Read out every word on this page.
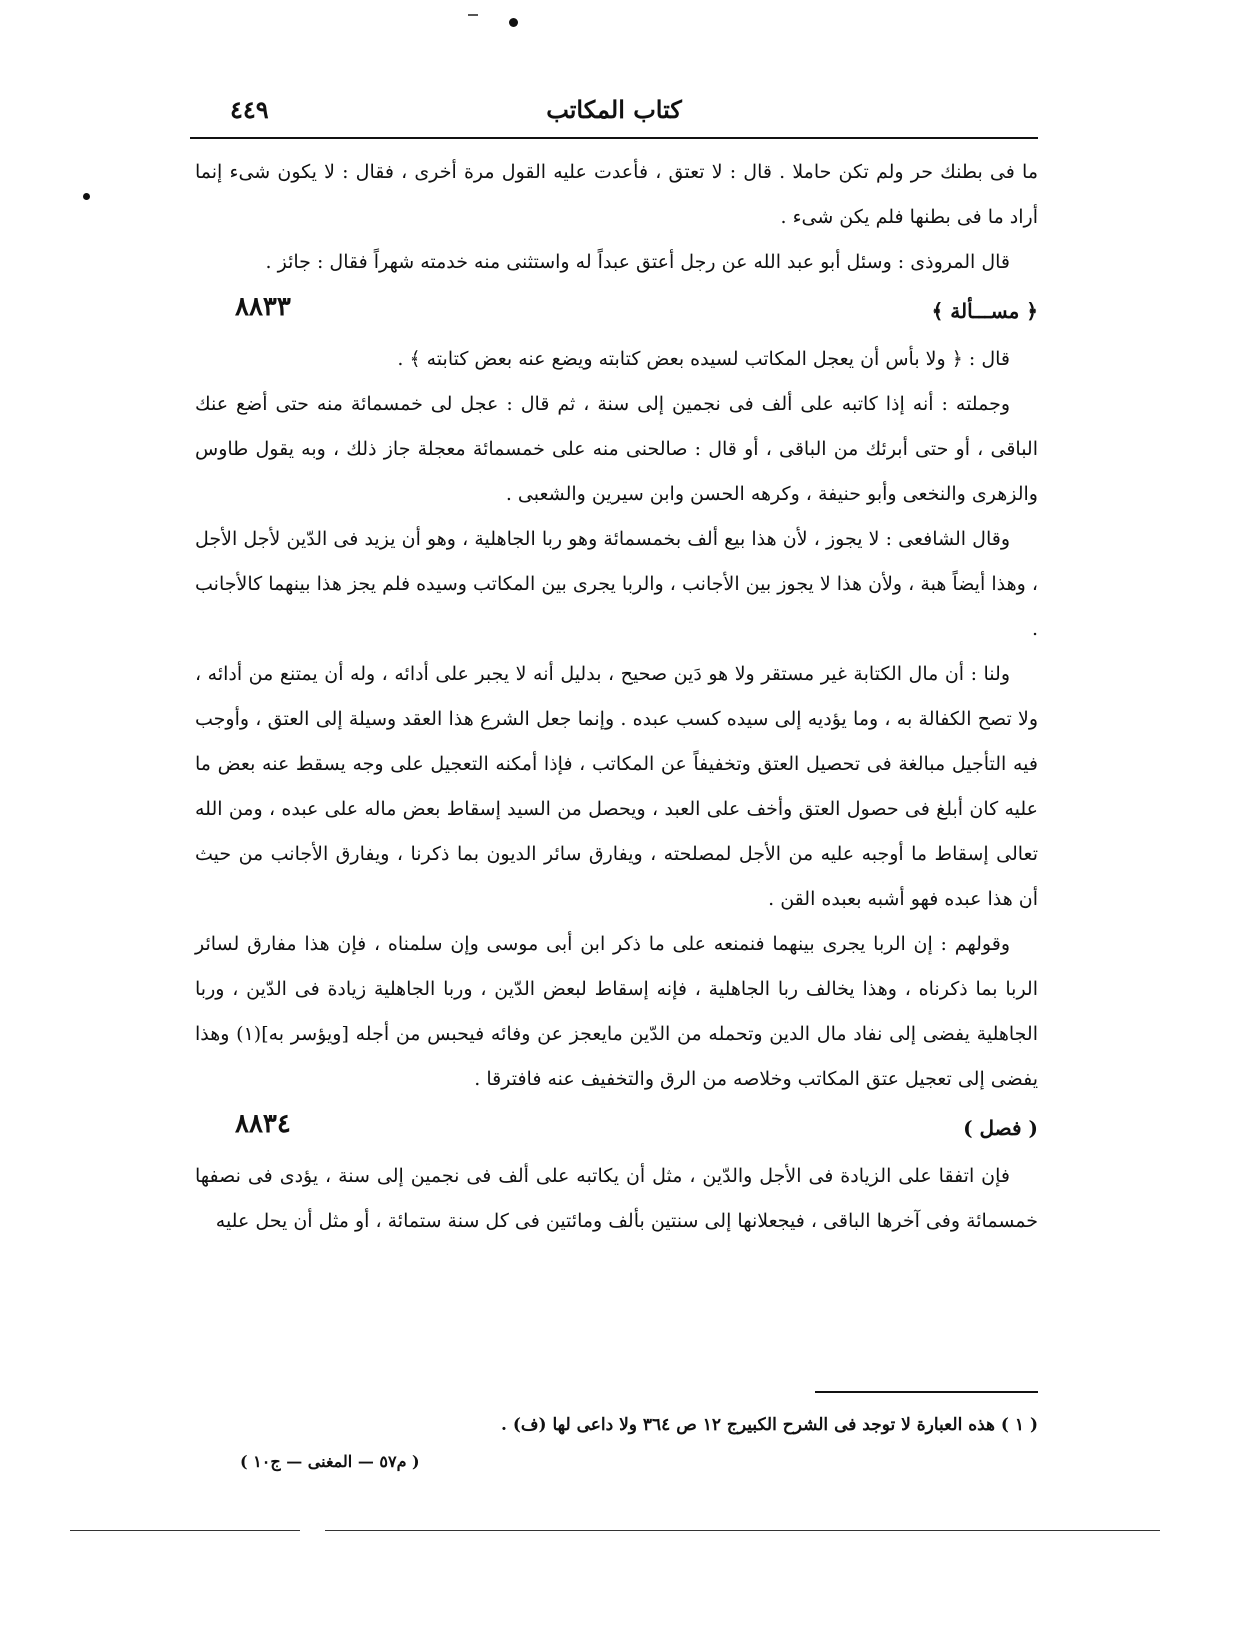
كتاب المكاتب
٤٤٩

ما فى بطنك حر ولم تكن حاملا . قال : لا تعتق ، فأعدت عليه القول مرة أخرى ، فقال : لا يكون شىء إنما أراد ما فى بطنها فلم يكن شىء .

قال المروذى : وسئل أبو عبد الله عن رجل أعتق عبداً له واستثنى منه خدمته شهراً فقال : جائز .

٨٨٣٣	﴿ مســـألة ﴾

قال : ﴿ ولا بأس أن يعجل المكاتب لسيده بعض كتابته ويضع عنه بعض كتابته ﴾ .

وجملته : أنه إذا كاتبه على ألف فى نجمين إلى سنة ، ثم قال : عجل لى خمسمائة منه حتى أضع عنك الباقى ، أو حتى أبرئك من الباقى ، أو قال : صالحنى منه على خمسمائة معجلة جاز ذلك ، وبه يقول طاوس والزهرى والنخعى وأبو حنيفة ، وكرهه الحسن وابن سيرين والشعبى .

وقال الشافعى : لا يجوز ، لأن هذا بيع ألف بخمسمائة وهو ربا الجاهلية ، وهو أن يزيد فى الدّين لأجل الأجل ، وهذا أيضاً هبة ، ولأن هذا لا يجوز بين الأجانب ، والربا يجرى بين المكاتب وسيده فلم يجز هذا بينهما كالأجانب .

ولنا : أن مال الكتابة غير مستقر ولا هو دَين صحيح ، بدليل أنه لا يجبر على أدائه ، وله أن يمتنع من أدائه ، ولا تصح الكفالة به ، وما يؤديه إلى سيده كسب عبده . وإنما جعل الشرع هذا العقد وسيلة إلى العتق ، وأوجب فيه التأجيل مبالغة فى تحصيل العتق وتخفيفاً عن المكاتب ، فإذا أمكنه التعجيل على وجه يسقط عنه بعض ما عليه كان أبلغ فى حصول العتق وأخف على العبد ، ويحصل من السيد إسقاط بعض ماله على عبده ، ومن الله تعالى إسقاط ما أوجبه عليه من الأجل لمصلحته ، ويفارق سائر الديون بما ذكرنا ، ويفارق الأجانب من حيث أن هذا عبده فهو أشبه بعبده القن .

وقولهم : إن الربا يجرى بينهما فنمنعه على ما ذكر ابن أبى موسى وإن سلمناه ، فإن هذا مفارق لسائر الربا بما ذكرناه ، وهذا يخالف ربا الجاهلية ، فإنه إسقاط لبعض الدّين ، وربا الجاهلية زيادة فى الدّين ، وربا الجاهلية يفضى إلى نفاد مال الدين وتحمله من الدّين مايعجز عن وفائه فيحبس من أجله [ويؤسر به](١) وهذا يفضى إلى تعجيل عتق المكاتب وخلاصه من الرق والتخفيف عنه فافترقا .

٨٨٣٤	( فصل )

فإن اتفقا على الزيادة فى الأجل والدّين ، مثل أن يكاتبه على ألف فى نجمين إلى سنة ، يؤدى فى نصفها خمسمائة وفى آخرها الباقى ، فيجعلانها إلى سنتين بألف ومائتين فى كل سنة ستمائة ، أو مثل أن يحل عليه

( ١ ) هذه العبارة لا توجد فى الشرح الكبيرج ١٢ ص ٣٦٤ ولا داعى لها (ف) .
( م٥٧ — المغنى — ج١٠ )
